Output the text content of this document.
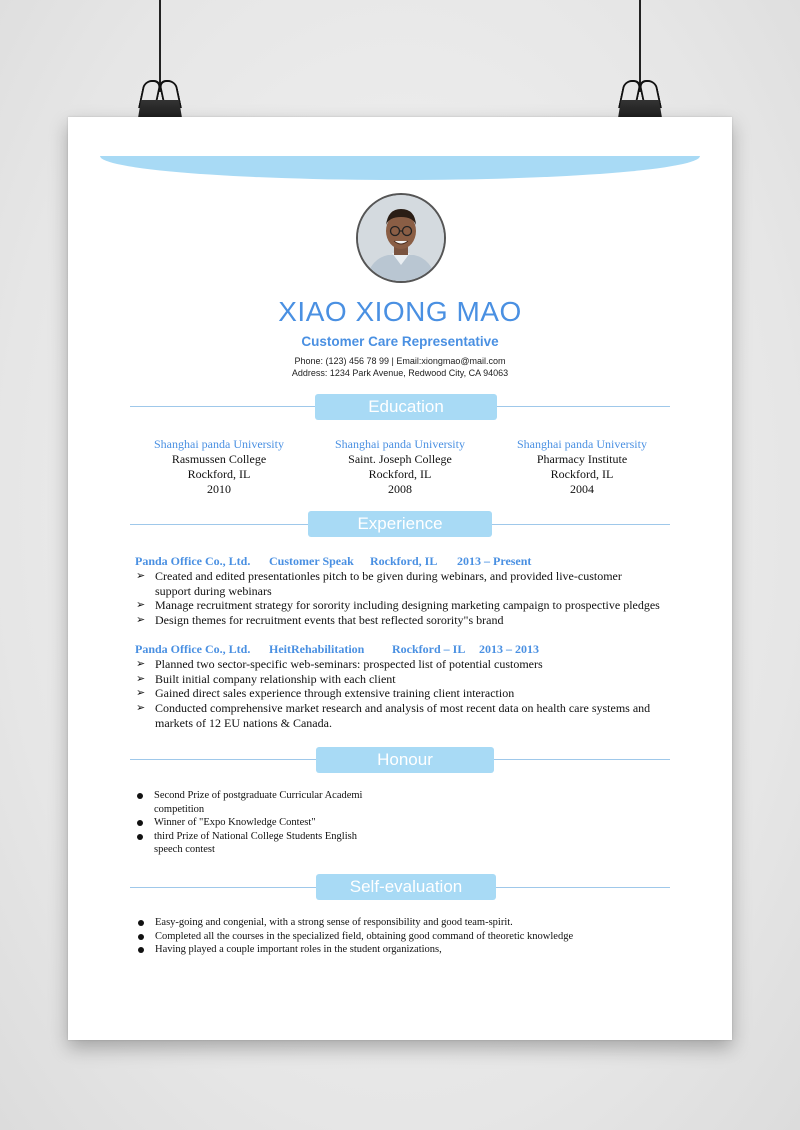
XIAO XIONG MAO
Customer Care Representative
Phone: (123) 456 78 99 | Email:xiongmao@mail.com
Address: 1234 Park Avenue, Redwood City, CA 94063
Education
Shanghai panda University
Rasmussen College
Rockford, IL
2010
Shanghai panda University
Saint. Joseph College
Rockford, IL
2008
Shanghai panda University
Pharmacy Institute
Rockford, IL
2004
Experience
Panda Office Co., Ltd. Customer Speak Rockford, IL 2013 – Present
➢ Created and edited presentationles pitch to be given during webinars, and provided live-customer support during webinars
➢ Manage recruitment strategy for sorority including designing marketing campaign to prospective pledges
➢ Design themes for recruitment events that best reflected sorority"s brand
Panda Office Co., Ltd. HeitRehabilitation Rockford – IL 2013 – 2013
➢ Planned two sector-specific web-seminars: prospected list of potential customers
➢ Built initial company relationship with each client
➢ Gained direct sales experience through extensive training client interaction
➢ Conducted comprehensive market research and analysis of most recent data on health care systems and markets of 12 EU nations & Canada.
Honour
Second Prize of postgraduate Curricular Academi competition
Winner of "Expo Knowledge Contest"
third Prize of National College Students English speech contest
Self-evaluation
Easy-going and congenial, with a strong sense of responsibility and good team-spirit.
Completed all the courses in the specialized field, obtaining good command of theoretic knowledge
Having played a couple important roles in the student organizations,
